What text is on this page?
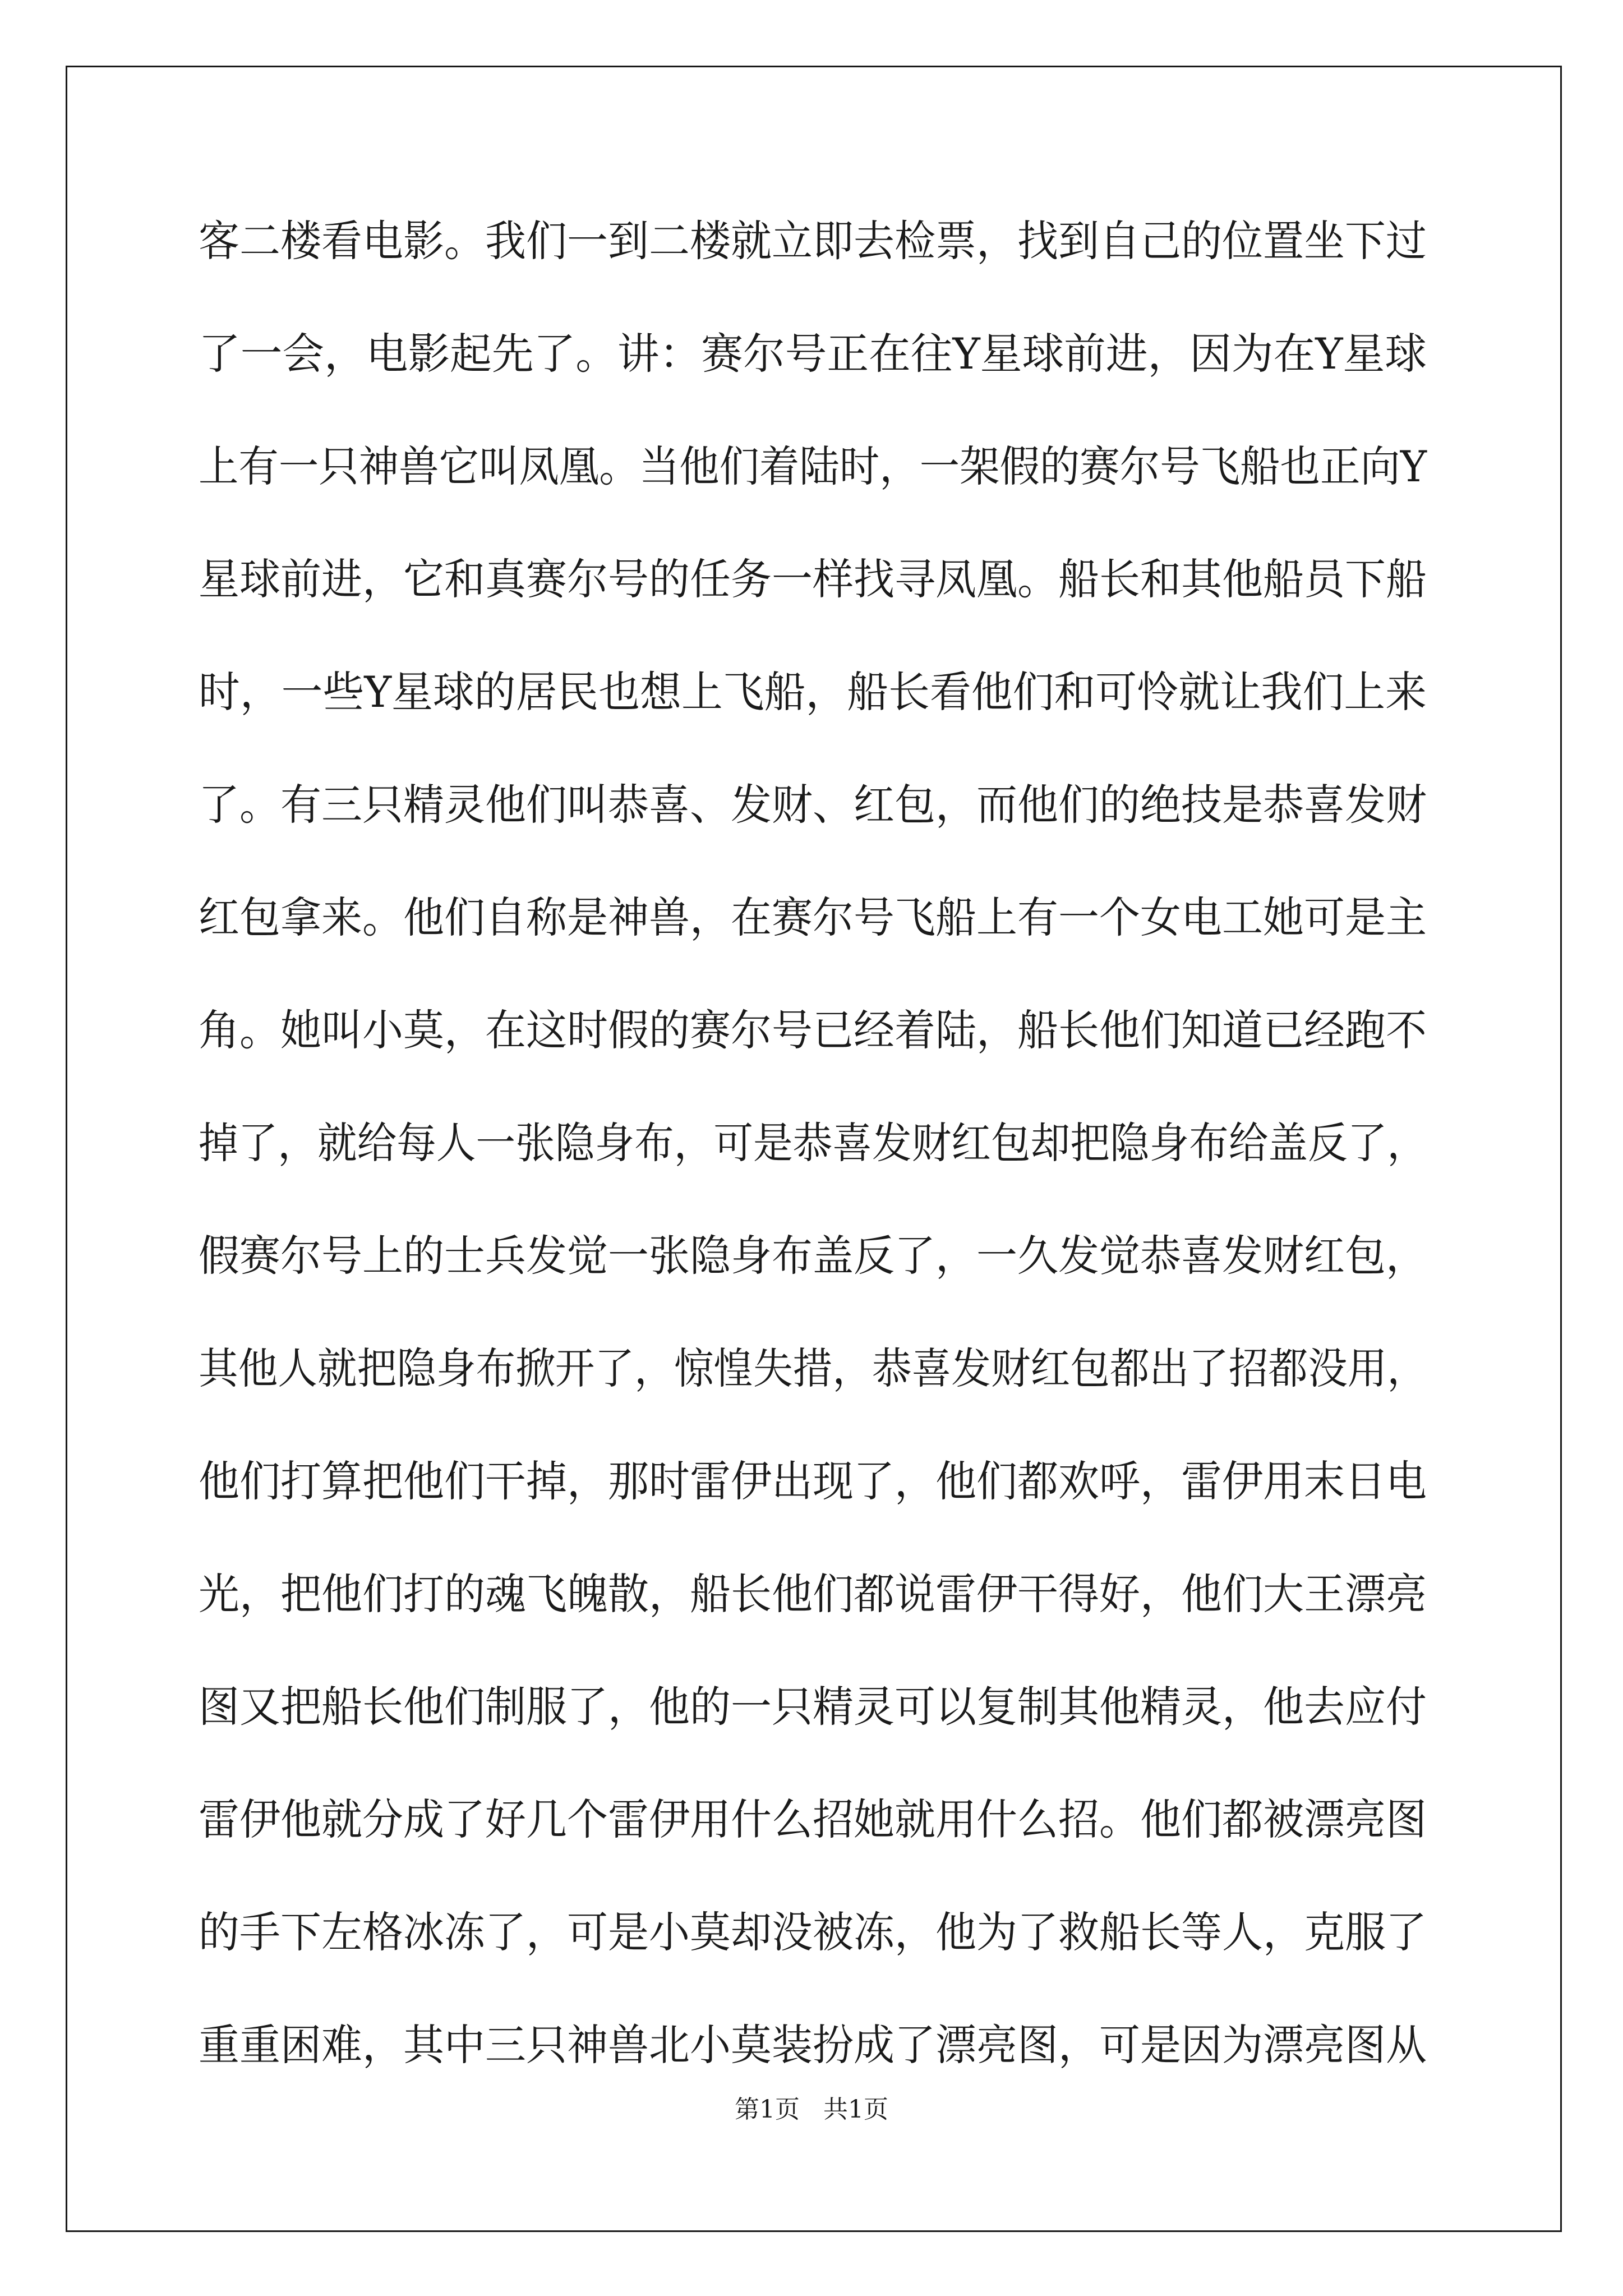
客二楼看电影。我们一到二楼就立即去检票，找到自己的位置坐下过
了一会，电影起先了。讲：赛尔号正在往Y星球前进，因为在Y星球
上有一只神兽它叫凤凰。当他们着陆时，一架假的赛尔号飞船也正向Y
星球前进，它和真赛尔号的任务一样找寻凤凰。船长和其他船员下船
时，一些Y星球的居民也想上飞船，船长看他们和可怜就让我们上来
了。有三只精灵他们叫恭喜、发财、红包，而他们的绝技是恭喜发财
红包拿来。他们自称是神兽，在赛尔号飞船上有一个女电工她可是主
角。她叫小莫，在这时假的赛尔号已经着陆，船长他们知道已经跑不
掉了，就给每人一张隐身布，可是恭喜发财红包却把隐身布给盖反了，
假赛尔号上的士兵发觉一张隐身布盖反了，一久发觉恭喜发财红包，
其他人就把隐身布掀开了，惊惶失措，恭喜发财红包都出了招都没用，
他们打算把他们干掉，那时雷伊出现了，他们都欢呼，雷伊用末日电
光，把他们打的魂飞魄散，船长他们都说雷伊干得好，他们大王漂亮
图又把船长他们制服了，他的一只精灵可以复制其他精灵，他去应付
雷伊他就分成了好几个雷伊用什么招她就用什么招。他们都被漂亮图
的手下左格冰冻了，可是小莫却没被冻，他为了救船长等人，克服了
重重困难，其中三只神兽北小莫装扮成了漂亮图，可是因为漂亮图从
第1页   共1页
